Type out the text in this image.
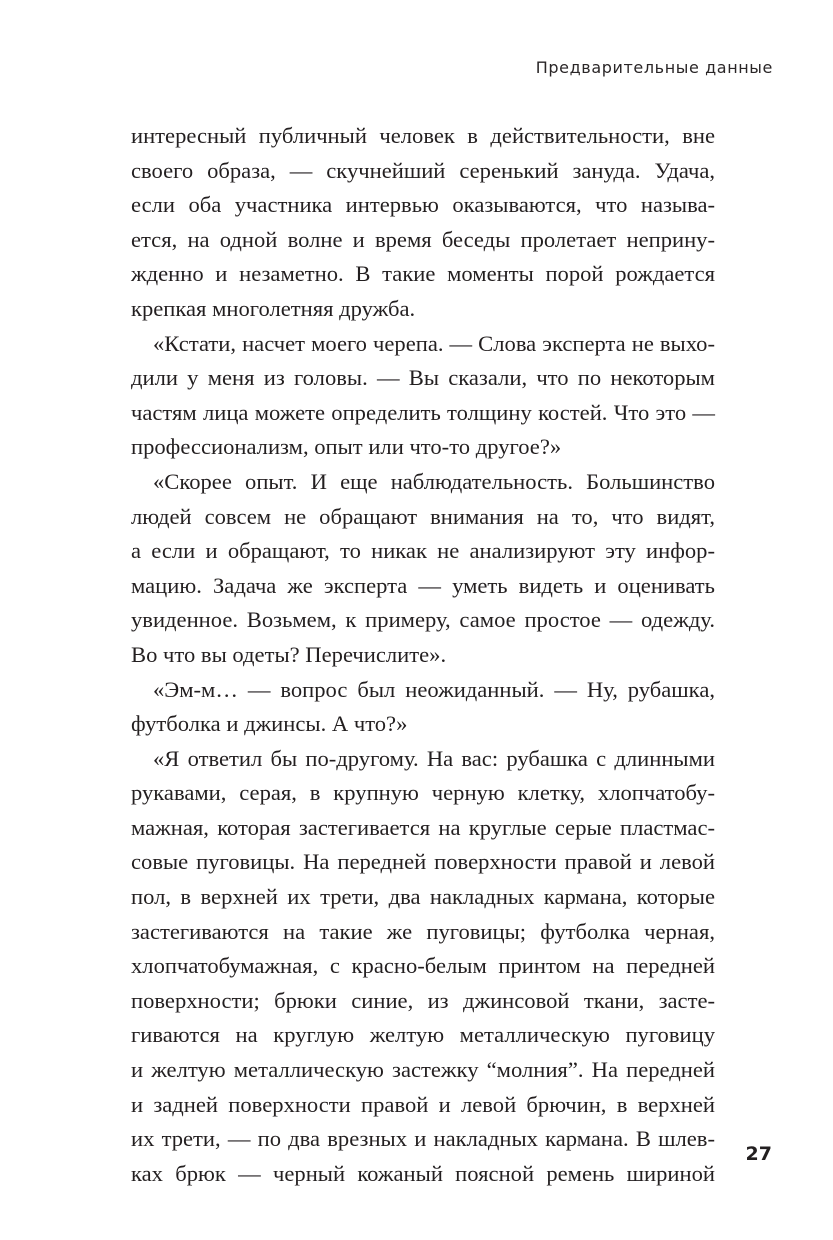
Предварительные данные
интересный публичный человек в действительности, вне
своего образа, — скучнейший серенький зануда. Удача,
если оба участника интервью оказываются, что называ-
ется, на одной волне и время беседы пролетает неприну-
жденно и незаметно. В такие моменты порой рождается
крепкая многолетняя дружба.
«Кстати, насчет моего черепа. — Слова эксперта не выхо-
дили у меня из головы. — Вы сказали, что по некоторым
частям лица можете определить толщину костей. Что это —
профессионализм, опыт или что-то другое?»
«Скорее опыт. И еще наблюдательность. Большинство
людей совсем не обращают внимания на то, что видят,
а если и обращают, то никак не анализируют эту инфор-
мацию. Задача же эксперта — уметь видеть и оценивать
увиденное. Возьмем, к примеру, самое простое — одежду.
Во что вы одеты? Перечислите».
«Эм-м… — вопрос был неожиданный. — Ну, рубашка,
футболка и джинсы. А что?»
«Я ответил бы по-другому. На вас: рубашка с длинными
рукавами, серая, в крупную черную клетку, хлопчатобу-
мажная, которая застегивается на круглые серые пластмас-
совые пуговицы. На передней поверхности правой и левой
пол, в верхней их трети, два накладных кармана, которые
застегиваются на такие же пуговицы; футболка черная,
хлопчатобумажная, с красно-белым принтом на передней
поверхности; брюки синие, из джинсовой ткани, засте-
гиваются на круглую желтую металлическую пуговицу
и желтую металлическую застежку “молния”. На передней
и задней поверхности правой и левой брючин, в верхней
их трети, — по два врезных и накладных кармана. В шлев-
ках брюк — черный кожаный поясной ремень шириной
27
